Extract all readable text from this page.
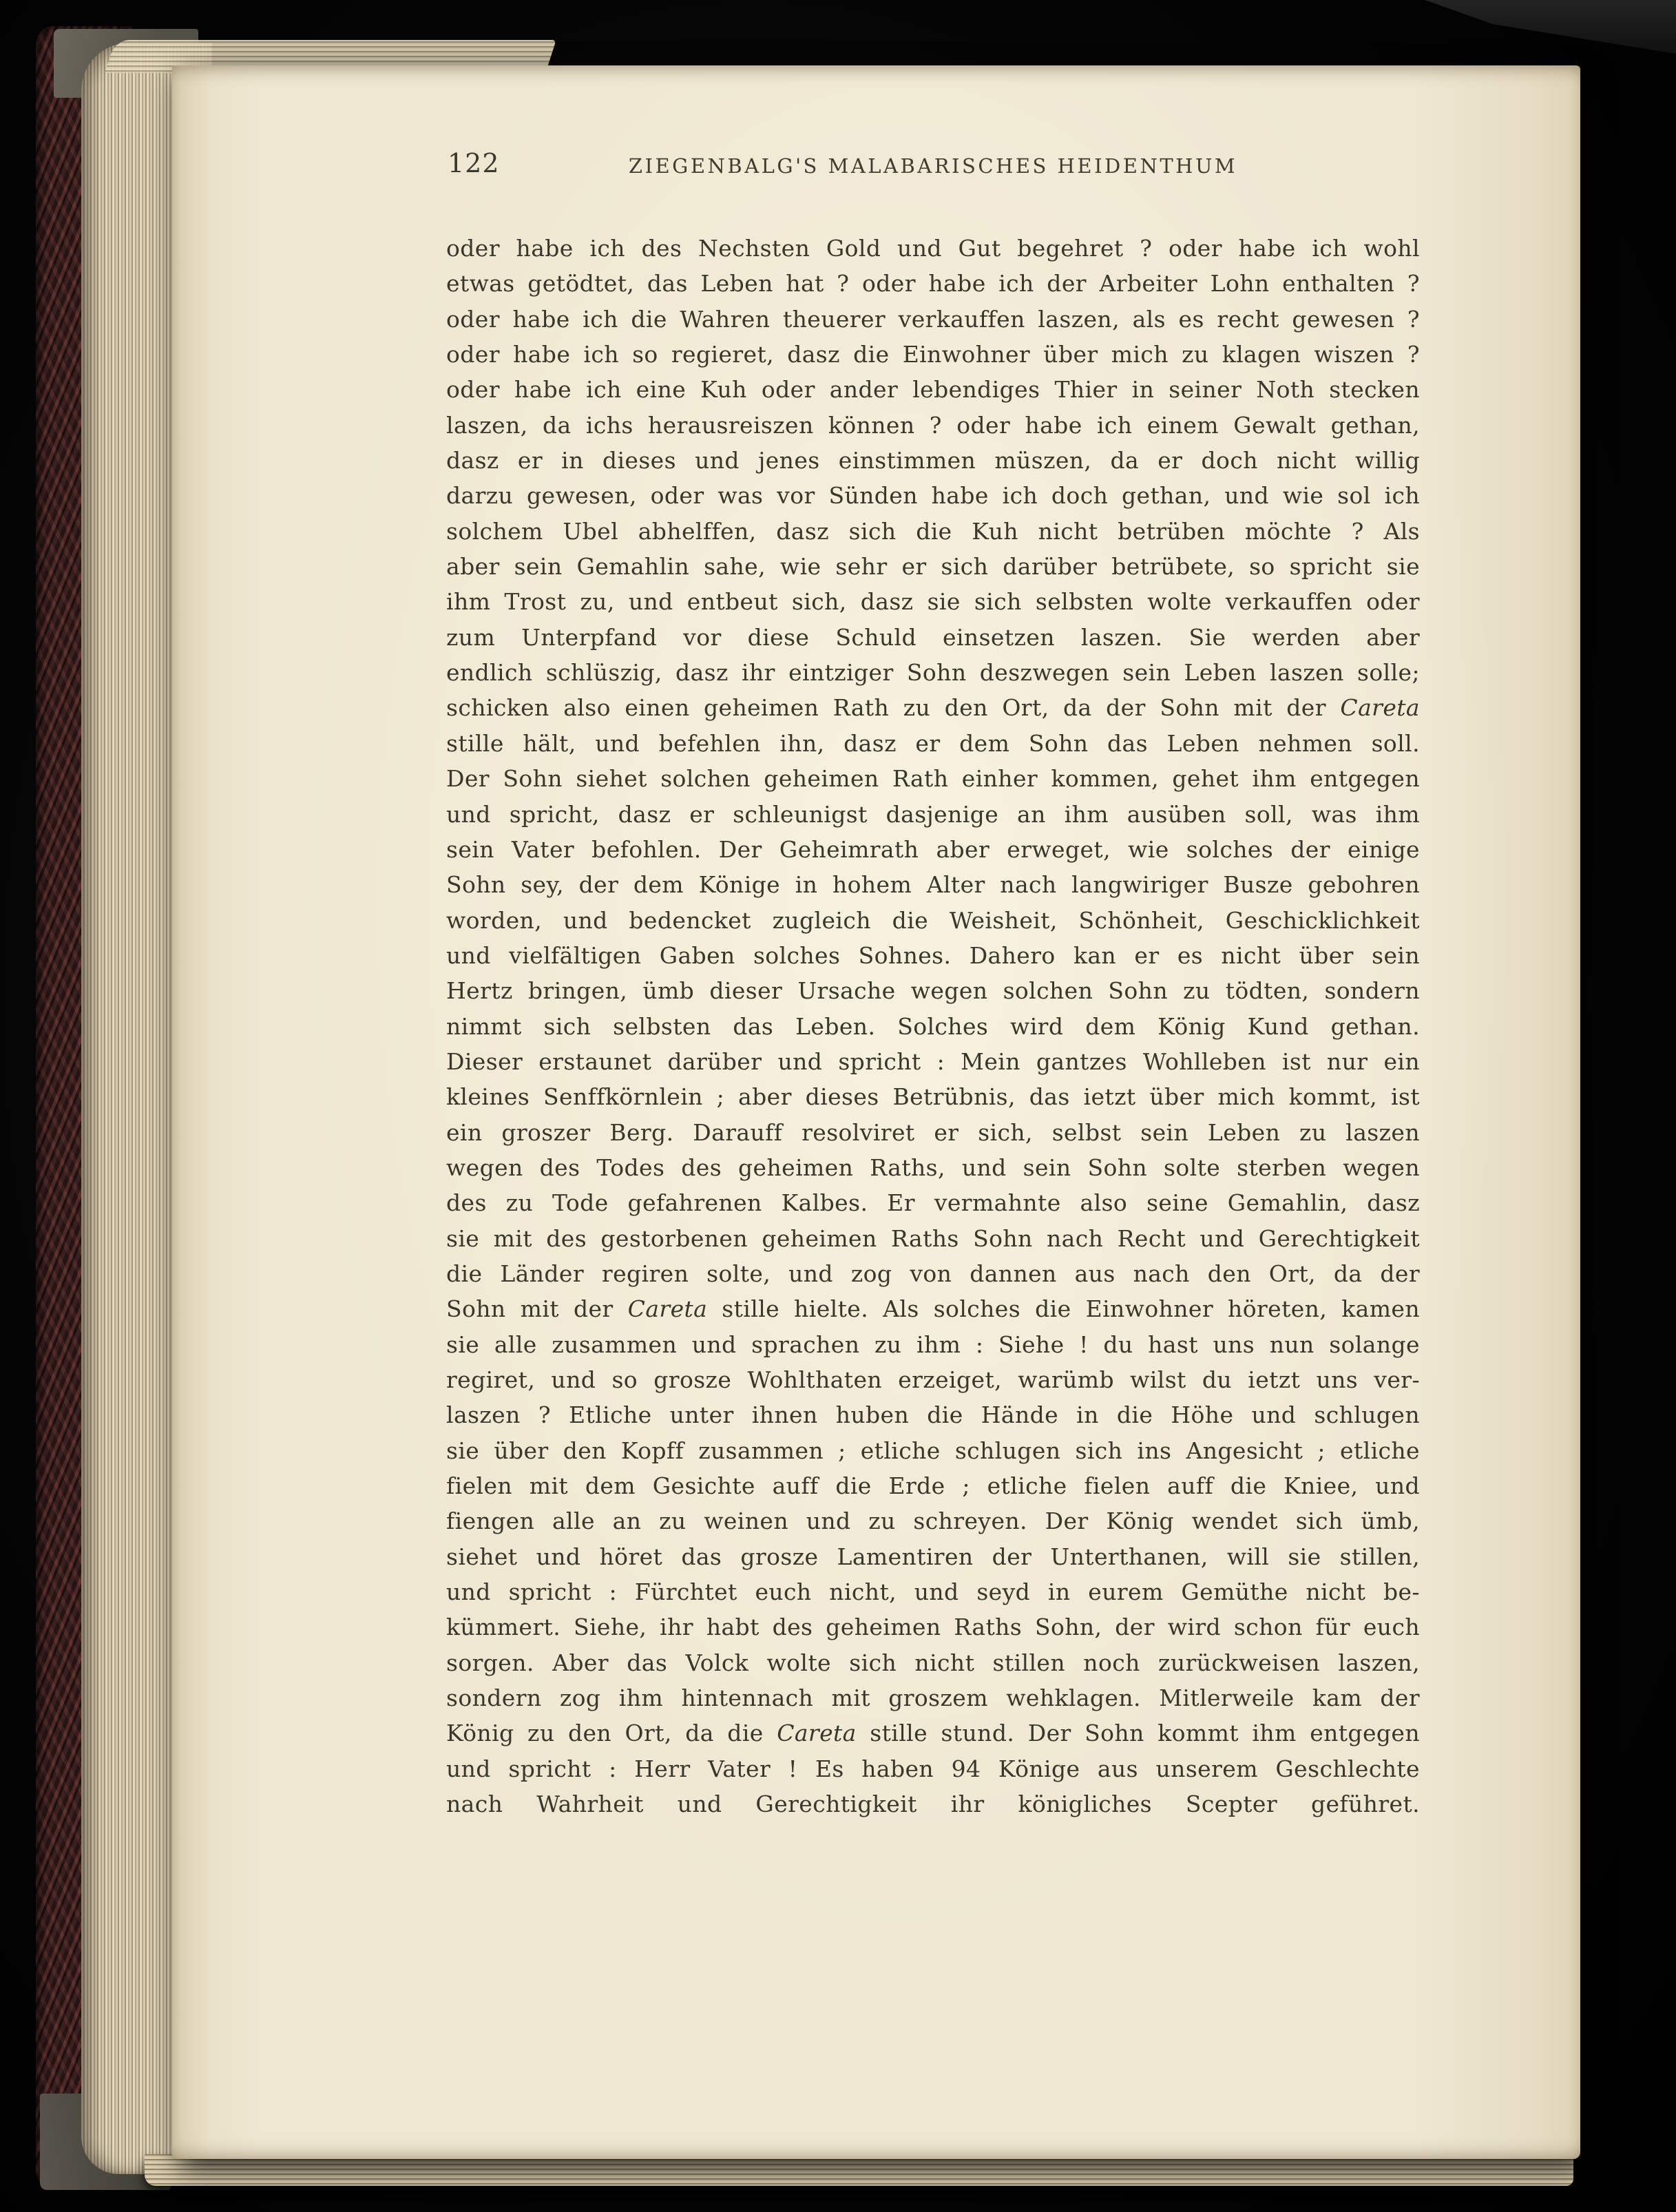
122	ZIEGENBALG'S MALABARISCHES HEIDENTHUM
oder habe ich des Nechsten Gold und Gut begehret ? oder habe ich wohl
etwas getödtet, das Leben hat ? oder habe ich der Arbeiter Lohn enthalten ?
oder habe ich die Wahren theuerer verkauffen laszen, als es recht gewesen ?
oder habe ich so regieret, dasz die Einwohner über mich zu klagen wiszen ?
oder habe ich eine Kuh oder ander lebendiges Thier in seiner Noth stecken
laszen, da ichs herausreiszen können ? oder habe ich einem Gewalt gethan,
dasz er in dieses und jenes einstimmen müszen, da er doch nicht willig
darzu gewesen, oder was vor Sünden habe ich doch gethan, und wie sol ich
solchem Ubel abhelffen, dasz sich die Kuh nicht betrüben möchte ? Als
aber sein Gemahlin sahe, wie sehr er sich darüber betrübete, so spricht sie
ihm Trost zu, und entbeut sich, dasz sie sich selbsten wolte verkauffen oder
zum Unterpfand vor diese Schuld einsetzen laszen. Sie werden aber
endlich schlüszig, dasz ihr eintziger Sohn deszwegen sein Leben laszen solle;
schicken also einen geheimen Rath zu den Ort, da der Sohn mit der Careta
stille hält, und befehlen ihn, dasz er dem Sohn das Leben nehmen soll.
Der Sohn siehet solchen geheimen Rath einher kommen, gehet ihm entgegen
und spricht, dasz er schleunigst dasjenige an ihm ausüben soll, was ihm
sein Vater befohlen. Der Geheimrath aber erweget, wie solches der einige
Sohn sey, der dem Könige in hohem Alter nach langwiriger Busze gebohren
worden, und bedencket zugleich die Weisheit, Schönheit, Geschicklichkeit
und vielfältigen Gaben solches Sohnes. Dahero kan er es nicht über sein
Hertz bringen, ümb dieser Ursache wegen solchen Sohn zu tödten, sondern
nimmt sich selbsten das Leben. Solches wird dem König Kund gethan.
Dieser erstaunet darüber und spricht : Mein gantzes Wohlleben ist nur ein
kleines Senffkörnlein ; aber dieses Betrübnis, das ietzt über mich kommt, ist
ein groszer Berg. Darauff resolviret er sich, selbst sein Leben zu laszen
wegen des Todes des geheimen Raths, und sein Sohn solte sterben wegen
des zu Tode gefahrenen Kalbes. Er vermahnte also seine Gemahlin, dasz
sie mit des gestorbenen geheimen Raths Sohn nach Recht und Gerechtigkeit
die Länder regiren solte, und zog von dannen aus nach den Ort, da der
Sohn mit der Careta stille hielte. Als solches die Einwohner höreten, kamen
sie alle zusammen und sprachen zu ihm : Siehe ! du hast uns nun solange
regiret, und so grosze Wohlthaten erzeiget, warümb wilst du ietzt uns ver-
laszen ? Etliche unter ihnen huben die Hände in die Höhe und schlugen
sie über den Kopff zusammen ; etliche schlugen sich ins Angesicht ; etliche
fielen mit dem Gesichte auff die Erde ; etliche fielen auff die Kniee, und
fiengen alle an zu weinen und zu schreyen. Der König wendet sich ümb,
siehet und höret das grosze Lamentiren der Unterthanen, will sie stillen,
und spricht : Fürchtet euch nicht, und seyd in eurem Gemüthe nicht be-
kümmert. Siehe, ihr habt des geheimen Raths Sohn, der wird schon für euch
sorgen. Aber das Volck wolte sich nicht stillen noch zurückweisen laszen,
sondern zog ihm hintennach mit groszem wehklagen. Mitlerweile kam der
König zu den Ort, da die Careta stille stund. Der Sohn kommt ihm entgegen
und spricht : Herr Vater ! Es haben 94 Könige aus unserem Geschlechte
nach Wahrheit und Gerechtigkeit ihr königliches Scepter geführet.
